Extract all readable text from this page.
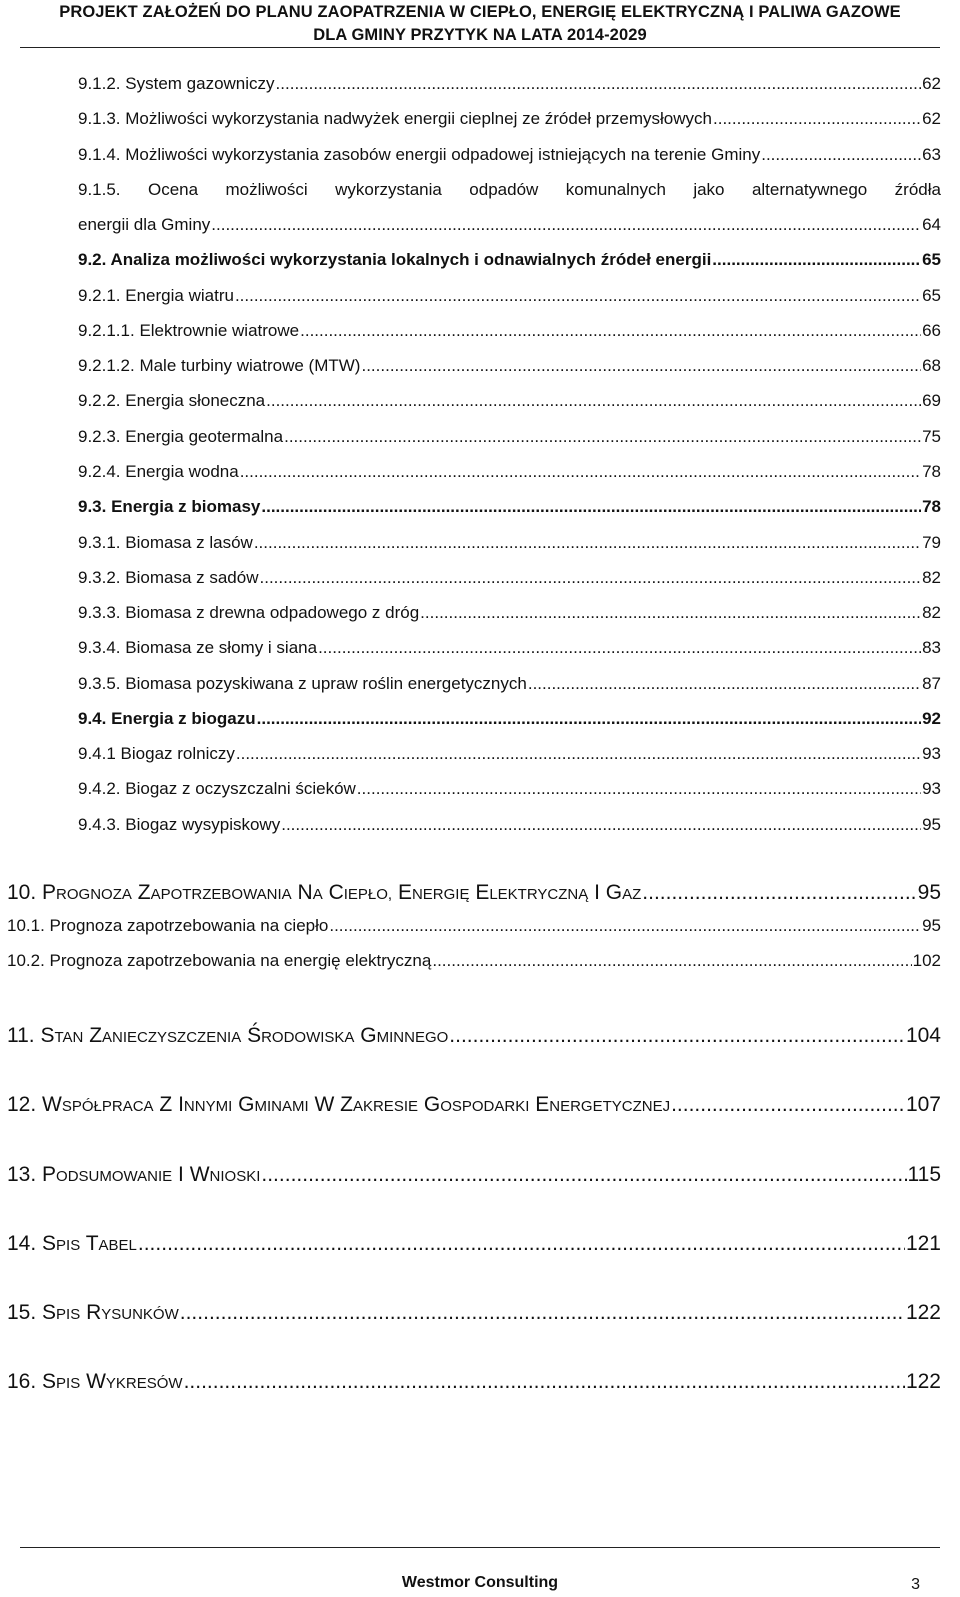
PROJEKT ZAŁOŻEŃ DO PLANU ZAOPATRZENIA W CIEPŁO, ENERGIĘ ELEKTRYCZNĄ I PALIWA GAZOWE
DLA GMINY PRZYTYK NA LATA 2014-2029
9.1.2. System gazowniczy .....	62
9.1.3. Możliwości wykorzystania nadwyżek energii cieplnej ze źródeł przemysłowych .....	62
9.1.4. Możliwości wykorzystania zasobów energii odpadowej istniejących na terenie Gminy .....	63
9.1.5. Ocena możliwości wykorzystania odpadów komunalnych jako alternatywnego źródła
energii dla Gminy .....	64
9.2. Analiza możliwości wykorzystania lokalnych i odnawialnych źródeł energii .....	65
9.2.1. Energia wiatru .....	65
9.2.1.1. Elektrownie wiatrowe .....	66
9.2.1.2. Male turbiny wiatrowe (MTW) .....	68
9.2.2. Energia słoneczna .....	69
9.2.3. Energia geotermalna .....	75
9.2.4. Energia wodna .....	78
9.3. Energia z biomasy .....	78
9.3.1. Biomasa z lasów .....	79
9.3.2. Biomasa z sadów .....	82
9.3.3. Biomasa z drewna odpadowego z dróg .....	82
9.3.4. Biomasa ze słomy i siana .....	83
9.3.5. Biomasa pozyskiwana z upraw roślin energetycznych .....	87
9.4. Energia z biogazu .....	92
9.4.1 Biogaz rolniczy .....	93
9.4.2. Biogaz z oczyszczalni ścieków .....	93
9.4.3. Biogaz wysypiskowy .....	95
10. PROGNOZA ZAPOTRZEBOWANIA NA CIEPŁO, ENERGIĘ ELEKTRYCZNĄ I GAZ .....	95
10.1. Prognoza zapotrzebowania na ciepło .....	95
10.2. Prognoza zapotrzebowania na energię elektryczną .....	102
11. STAN ZANIECZYSZCZENIA ŚRODOWISKA GMINNEGO .....	104
12. WSPÓŁPRACA Z INNYMI GMINAMI W ZAKRESIE GOSPODARKI ENERGETYCZNEJ .....	107
13. PODSUMOWANIE I WNIOSKI .....	115
14. SPIS TABEL .....	121
15. SPIS RYSUNKÓW .....	122
16. SPIS WYKRESÓW .....	122
Westmor Consulting	3
